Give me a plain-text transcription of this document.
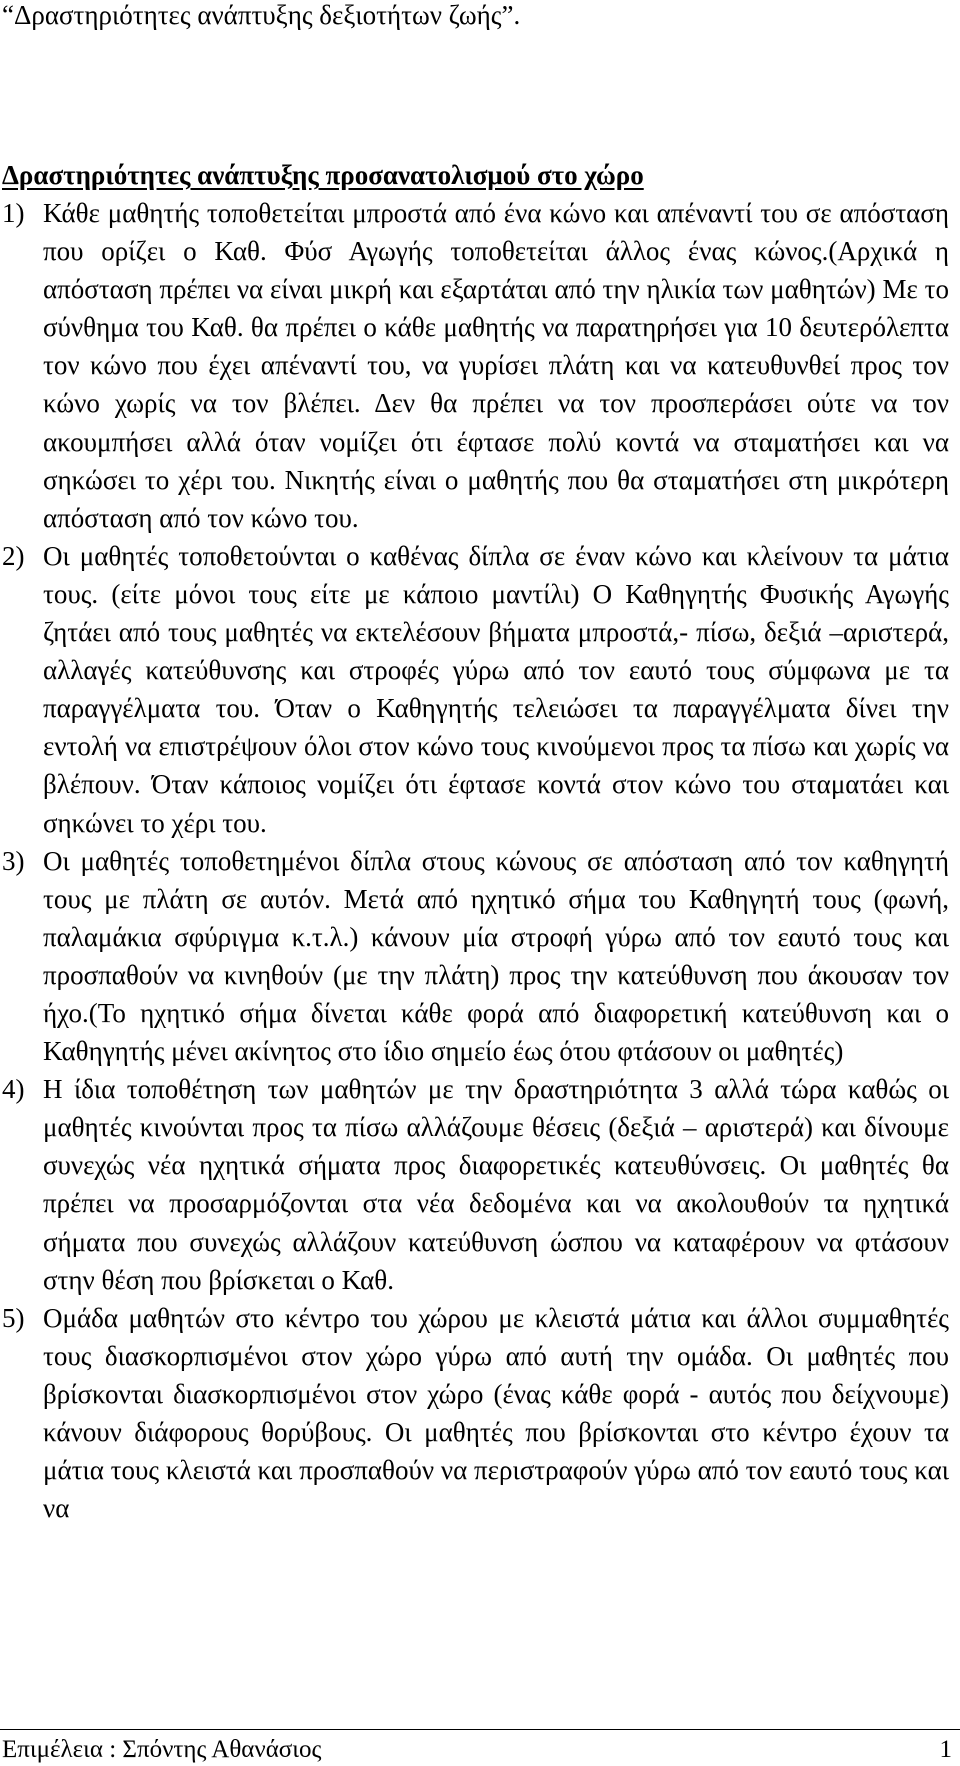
“Δραστηριότητες ανάπτυξης δεξιοτήτων ζωής”.
Δραστηριότητες ανάπτυξης προσανατολισμού στο χώρο
1) Κάθε μαθητής τοποθετείται μπροστά από ένα κώνο και απέναντί του σε απόσταση που ορίζει ο Καθ. Φύσ Αγωγής τοποθετείται άλλος ένας κώνος.(Αρχικά η απόσταση πρέπει να είναι μικρή και εξαρτάται από την ηλικία των μαθητών) Με το σύνθημα του Καθ. θα πρέπει ο κάθε μαθητής να παρατηρήσει για 10 δευτερόλεπτα τον κώνο που έχει απέναντί του, να γυρίσει πλάτη και να κατευθυνθεί προς τον κώνο χωρίς να τον βλέπει. Δεν θα πρέπει να τον προσπεράσει ούτε να τον ακουμπήσει αλλά όταν νομίζει ότι έφτασε πολύ κοντά να σταματήσει και να σηκώσει το χέρι του. Νικητής είναι ο μαθητής που θα σταματήσει στη μικρότερη απόσταση από τον κώνο του.
2) Οι μαθητές τοποθετούνται ο καθένας δίπλα σε έναν κώνο και κλείνουν τα μάτια τους. (είτε μόνοι τους είτε με κάποιο μαντίλι) Ο Καθηγητής Φυσικής Αγωγής ζητάει από τους μαθητές να εκτελέσουν βήματα μπροστά,- πίσω, δεξιά –αριστερά, αλλαγές κατεύθυνσης και στροφές γύρω από τον εαυτό τους σύμφωνα με τα παραγγέλματα του. Όταν ο Καθηγητής τελειώσει τα παραγγέλματα δίνει την εντολή να επιστρέψουν όλοι στον κώνο τους κινούμενοι προς τα πίσω και χωρίς να βλέπουν. Όταν κάποιος νομίζει ότι έφτασε κοντά στον κώνο του σταματάει και σηκώνει το χέρι του.
3) Οι μαθητές τοποθετημένοι δίπλα στους κώνους σε απόσταση από τον καθηγητή τους με πλάτη σε αυτόν. Μετά από ηχητικό σήμα του Καθηγητή τους (φωνή, παλαμάκια σφύριγμα κ.τ.λ.) κάνουν μία στροφή γύρω από τον εαυτό τους και προσπαθούν να κινηθούν (με την πλάτη) προς την κατεύθυνση που άκουσαν τον ήχο.(Το ηχητικό σήμα δίνεται κάθε φορά από διαφορετική κατεύθυνση και ο Καθηγητής μένει ακίνητος στο ίδιο σημείο έως ότου φτάσουν οι μαθητές)
4) Η ίδια τοποθέτηση των μαθητών με την δραστηριότητα 3 αλλά τώρα καθώς οι μαθητές κινούνται προς τα πίσω αλλάζουμε θέσεις (δεξιά – αριστερά) και δίνουμε συνεχώς νέα ηχητικά σήματα προς διαφορετικές κατευθύνσεις. Οι μαθητές θα πρέπει να προσαρμόζονται στα νέα δεδομένα και να ακολουθούν τα ηχητικά σήματα που συνεχώς αλλάζουν κατεύθυνση ώσπου να καταφέρουν να φτάσουν στην θέση που βρίσκεται ο Καθ.
5) Ομάδα μαθητών στο κέντρο του χώρου με κλειστά μάτια και άλλοι συμμαθητές τους διασκορπισμένοι στον χώρο γύρω από αυτή την ομάδα. Οι μαθητές που βρίσκονται διασκορπισμένοι στον χώρο (ένας κάθε φορά - αυτός που δείχνουμε) κάνουν διάφορους θορύβους. Οι μαθητές που βρίσκονται στο κέντρο έχουν τα μάτια τους κλειστά και προσπαθούν να περιστραφούν γύρω από τον εαυτό τους και να
Επιμέλεια : Σπόντης Αθανάσιος	1
